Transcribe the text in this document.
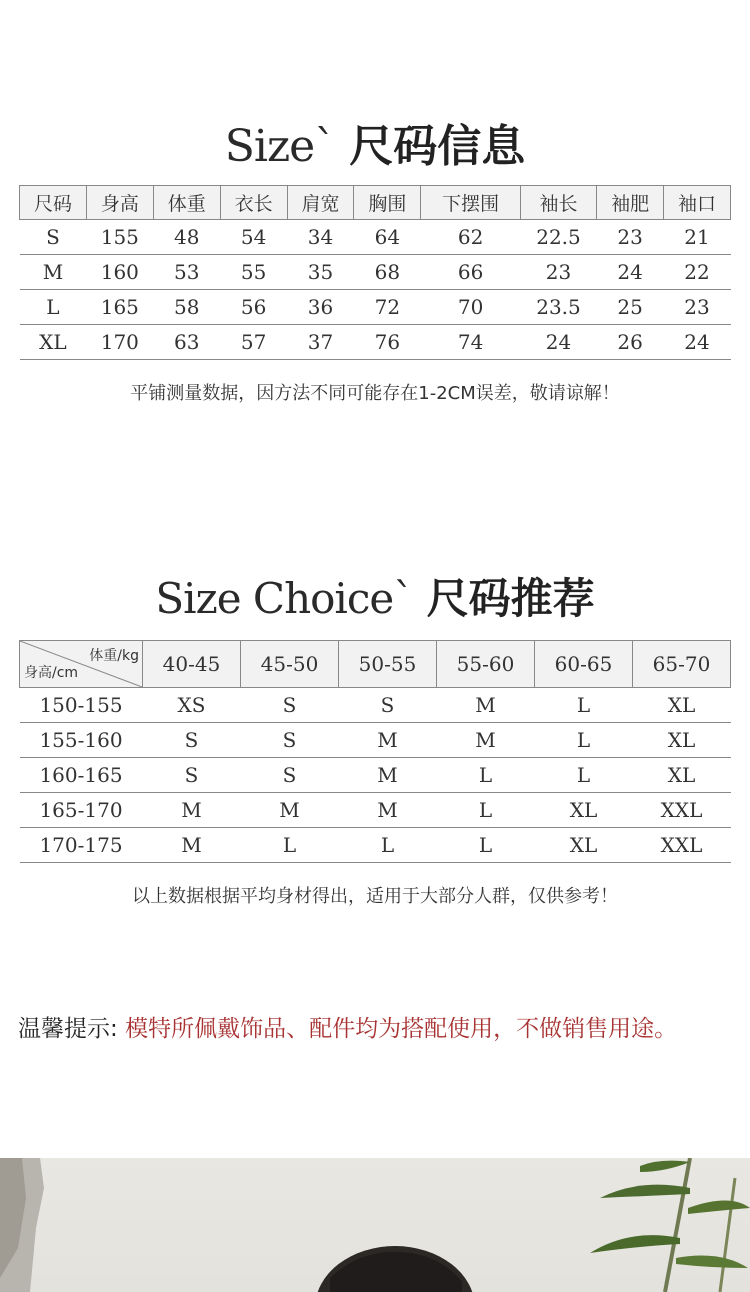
Size` 尺码信息
尺码	身高	体重	衣长	肩宽	胸围	下摆围	袖长	袖肥	袖口
S	155	48	54	34	64	62	22.5	23	21
M	160	53	55	35	68	66	23	24	22
L	165	58	56	36	72	70	23.5	25	23
XL	170	63	57	37	76	74	24	26	24
平铺测量数据，因方法不同可能存在1-2CM误差，敬请谅解！
Size Choice` 尺码推荐
体重/kg
身高/cm	40-45	45-50	50-55	55-60	60-65	65-70
150-155	XS	S	S	M	L	XL
155-160	S	S	M	M	L	XL
160-165	S	S	M	L	L	XL
165-170	M	M	M	L	XL	XXL
170-175	M	L	L	L	XL	XXL
以上数据根据平均身材得出，适用于大部分人群，仅供参考！
温馨提示: 模特所佩戴饰品、配件均为搭配使用，不做销售用途。
